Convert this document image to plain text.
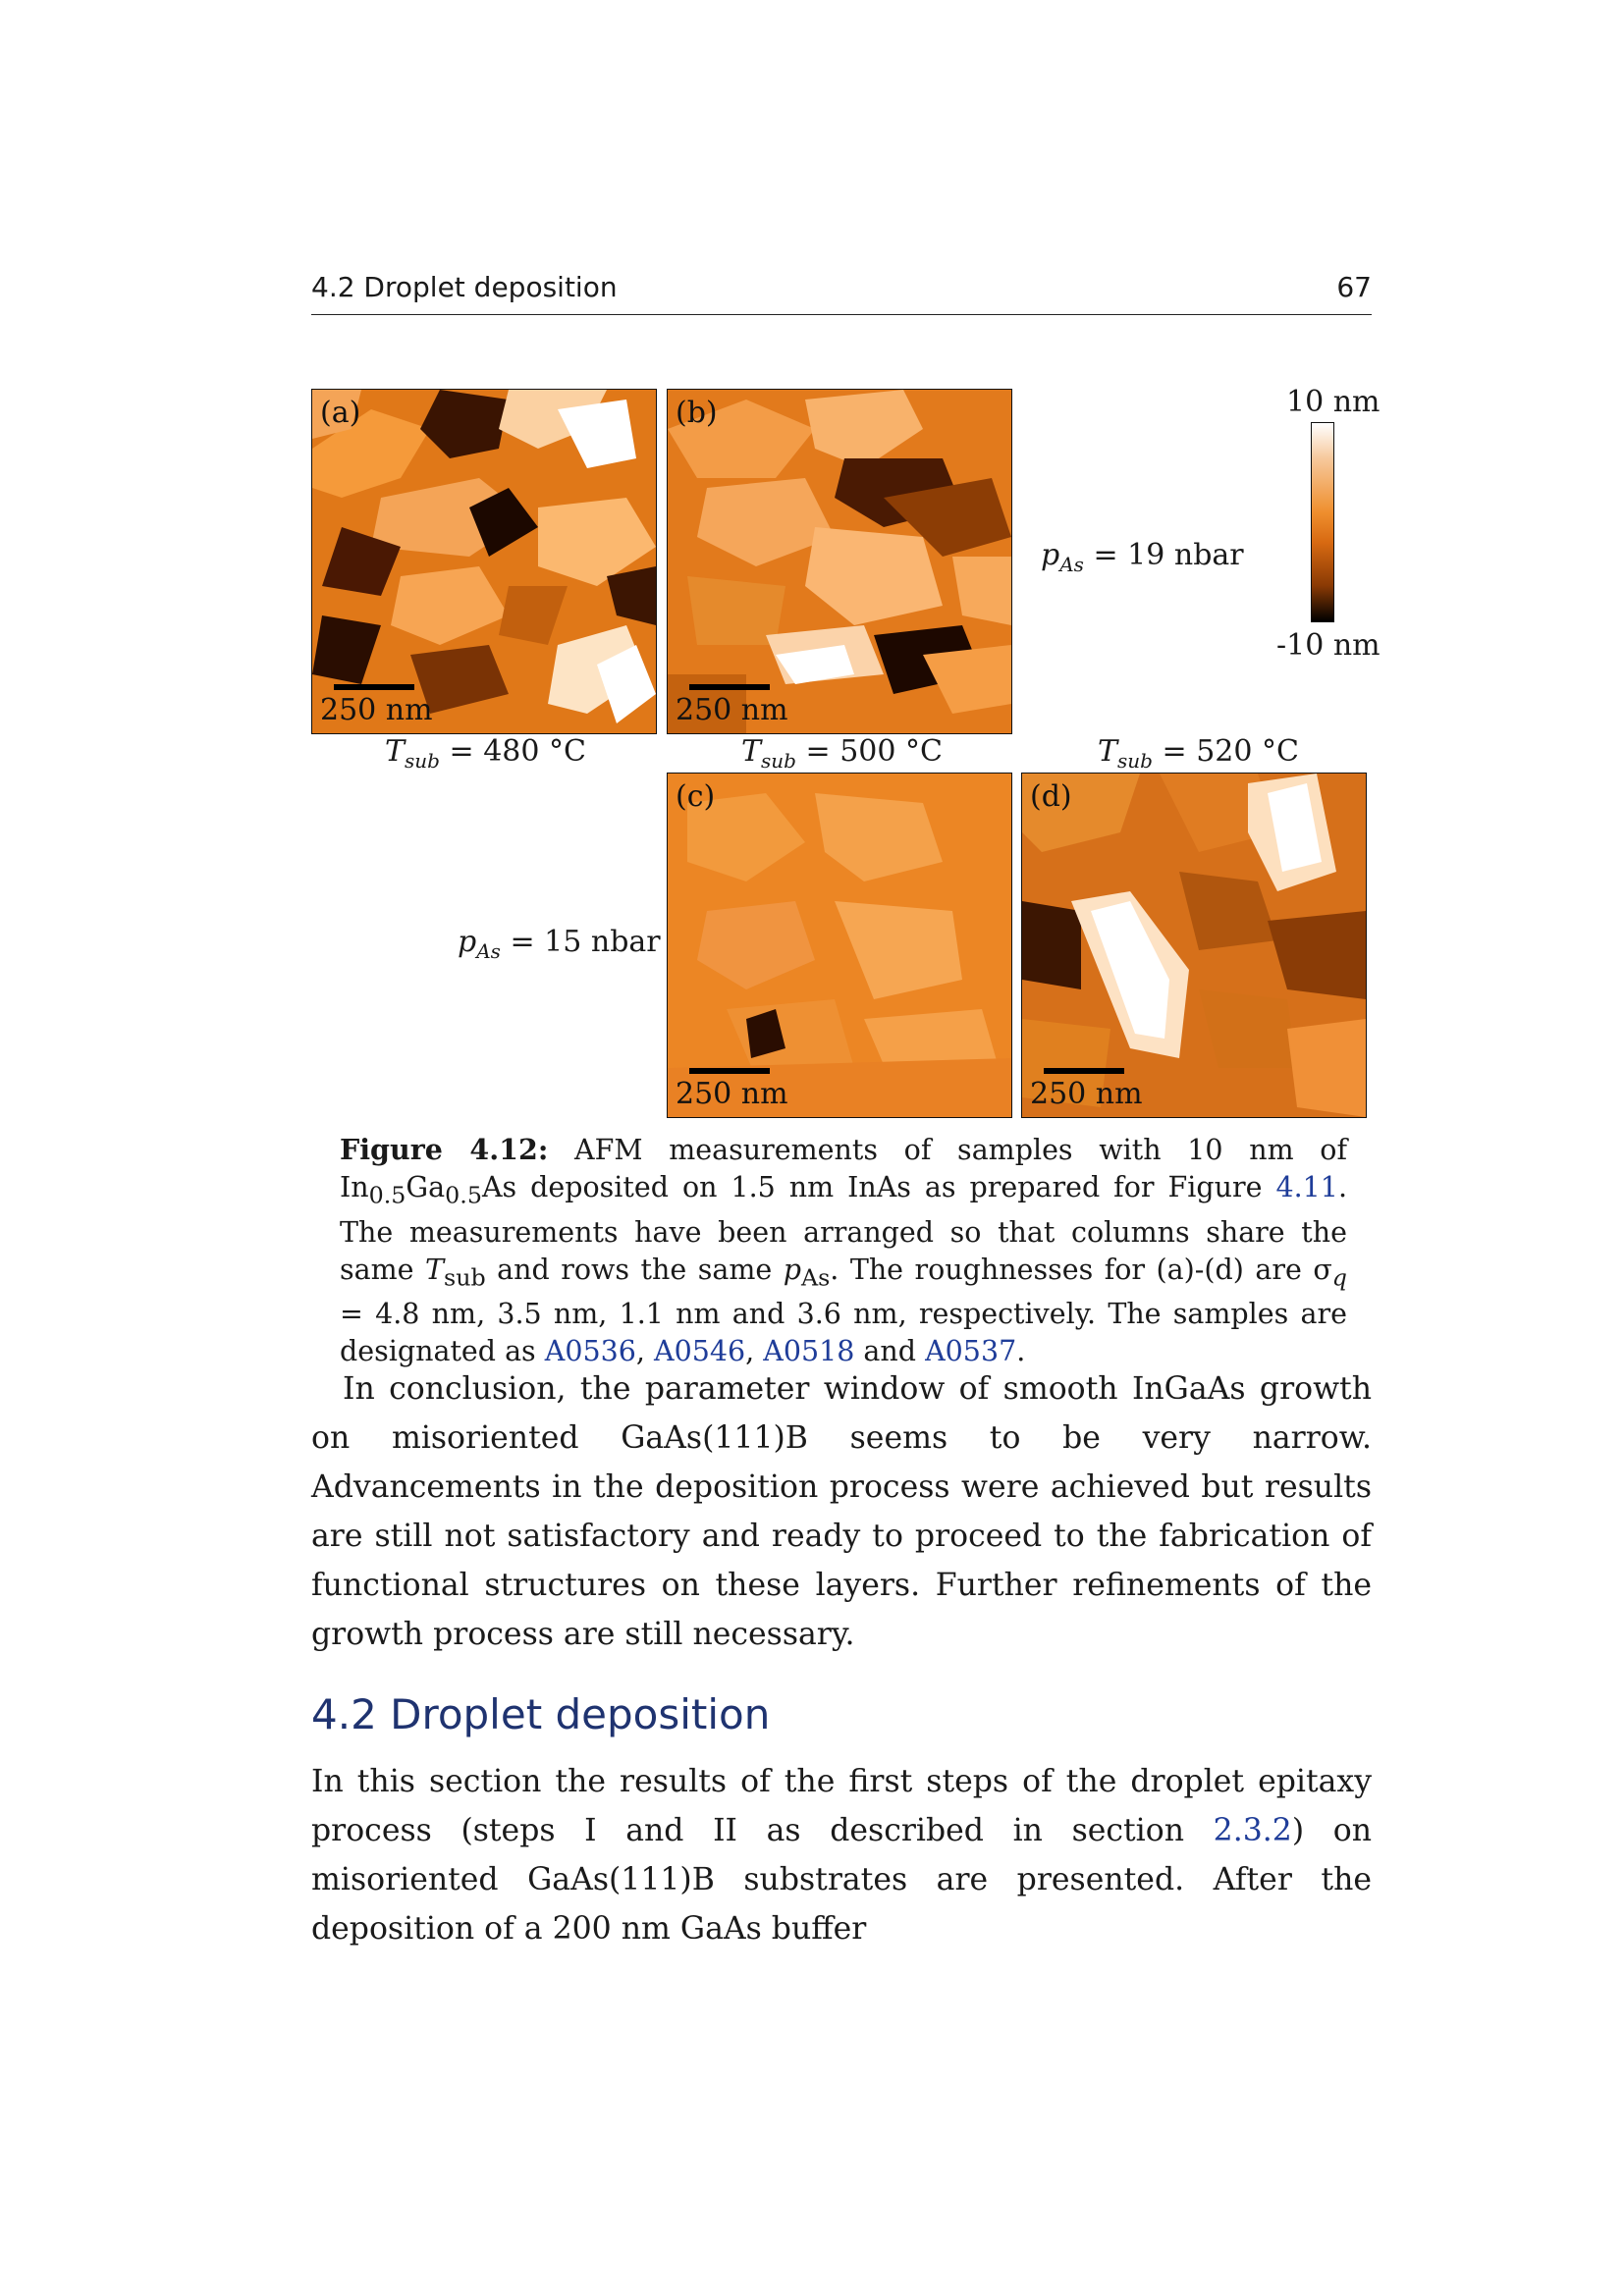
4.2 Droplet deposition	67
(a)
250 nm
(b)
250 nm
(c)
250 nm
(d)
250 nm
$p_{As} = 19$ nbar
$p_{As} = 15$ nbar
$T_{sub} = 480$ °C	$T_{sub} = 500$ °C	$T_{sub} = 520$ °C
10 nm
-10 nm
Figure 4.12: AFM measurements of samples with 10 nm of $In_{0.5}Ga_{0.5}As$ deposited on 1.5 nm InAs as prepared for Figure 4.11. The measurements have been arranged so that columns share the same $T_{sub}$ and rows the same $p_{As}$. The roughnesses for (a)-(d) are $\sigma_q = 4.8$ nm, 3.5 nm, 1.1 nm and 3.6 nm, respectively. The samples are designated as A0536, A0546, A0518 and A0537.

In conclusion, the parameter window of smooth InGaAs growth on misoriented GaAs(111)B seems to be very narrow. Advancements in the deposition process were achieved but results are still not satisfactory and ready to proceed to the fabrication of functional structures on these layers. Further refinements of the growth process are still necessary.

4.2 Droplet deposition

In this section the results of the first steps of the droplet epitaxy process (steps I and II as described in section 2.3.2) on misoriented GaAs(111)B substrates are presented. After the deposition of a 200 nm GaAs buffer
